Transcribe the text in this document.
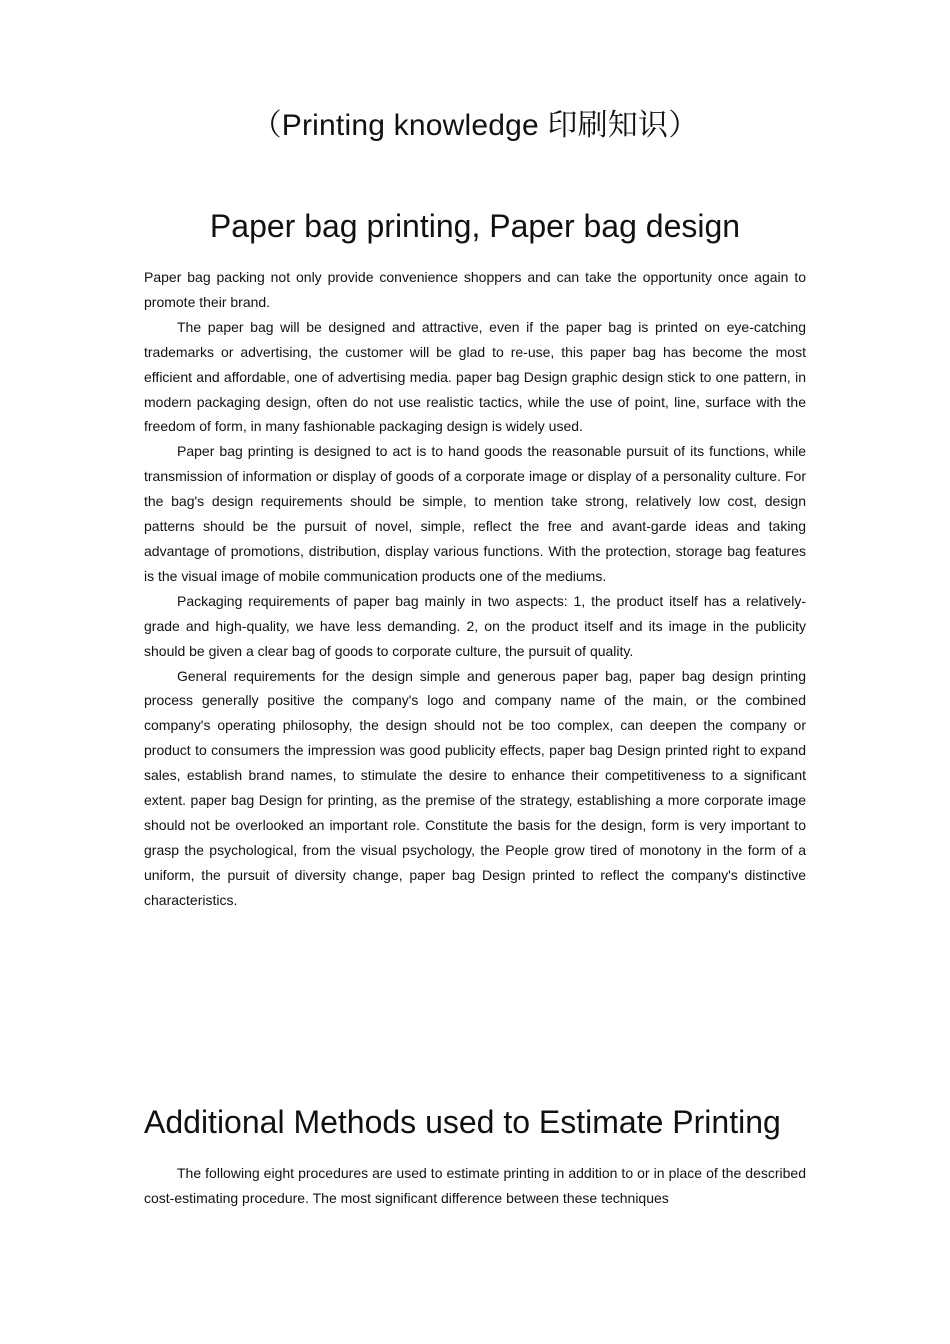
（Printing knowledge 印刷知识）
Paper bag printing, Paper bag design

Paper bag packing not only provide convenience shoppers and can take the opportunity once again to promote their brand.

The paper bag will be designed and attractive, even if the paper bag is printed on eye-catching trademarks or advertising, the customer will be glad to re-use, this paper bag has become the most efficient and affordable, one of advertising media. paper bag Design graphic design stick to one pattern, in modern packaging design, often do not use realistic tactics, while the use of point, line, surface with the freedom of form, in many fashionable packaging design is widely used.

Paper bag printing is designed to act is to hand goods the reasonable pursuit of its functions, while transmission of information or display of goods of a corporate image or display of a personality culture. For the bag's design requirements should be simple, to mention take strong, relatively low cost, design patterns should be the pursuit of novel, simple, reflect the free and avant-garde ideas and taking advantage of promotions, distribution, display various functions. With the protection, storage bag features is the visual image of mobile communication products one of the mediums.

Packaging requirements of paper bag mainly in two aspects: 1, the product itself has a relatively-grade and high-quality, we have less demanding. 2, on the product itself and its image in the publicity should be given a clear bag of goods to corporate culture, the pursuit of quality.

General requirements for the design simple and generous paper bag, paper bag design printing process generally positive the company's logo and company name of the main, or the combined company's operating philosophy, the design should not be too complex, can deepen the company or product to consumers the impression was good publicity effects, paper bag Design printed right to expand sales, establish brand names, to stimulate the desire to enhance their competitiveness to a significant extent. paper bag Design for printing, as the premise of the strategy, establishing a more corporate image should not be overlooked an important role. Constitute the basis for the design, form is very important to grasp the psychological, from the visual psychology, the People grow tired of monotony in the form of a uniform, the pursuit of diversity change, paper bag Design printed to reflect the company's distinctive characteristics.

Additional Methods used to Estimate Printing

The following eight procedures are used to estimate printing in addition to or in place of the described cost-estimating procedure. The most significant difference between these techniques
